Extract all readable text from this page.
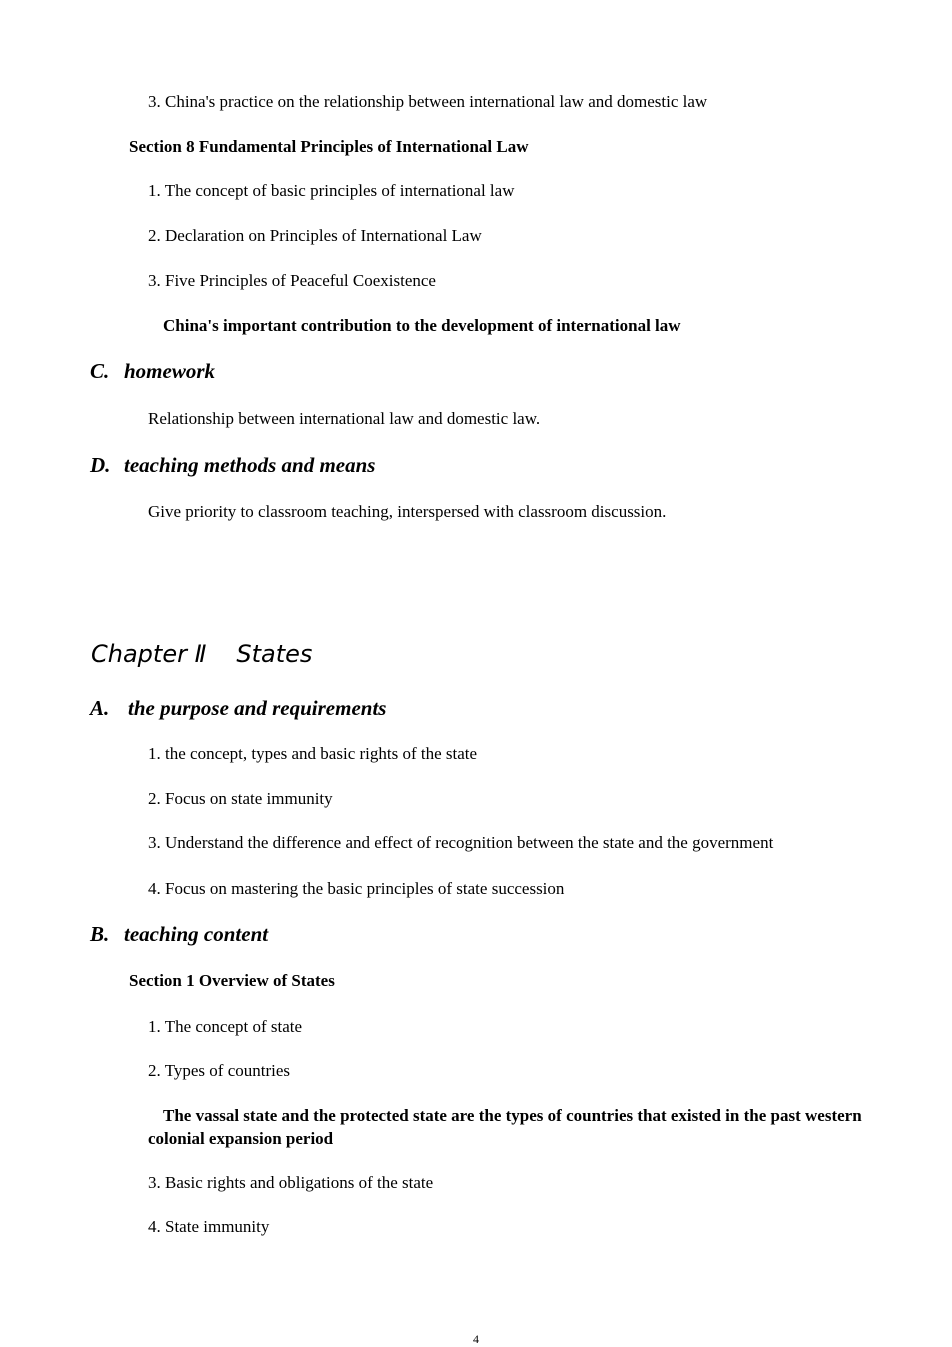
3. China's practice on the relationship between international law and domestic law
Section 8 Fundamental Principles of International Law
1. The concept of basic principles of international law
2. Declaration on Principles of International Law
3. Five Principles of Peaceful Coexistence
China's important contribution to the development of international law
C. homework
Relationship between international law and domestic law.
D. teaching methods and means
Give priority to classroom teaching, interspersed with classroom discussion.
Chapter Ⅱ States
A. the purpose and requirements
1. the concept, types and basic rights of the state
2. Focus on state immunity
3. Understand the difference and effect of recognition between the state and the government
4. Focus on mastering the basic principles of state succession
B. teaching content
Section 1 Overview of States
1. The concept of state
2. Types of countries
The vassal state and the protected state are the types of countries that existed in the past western colonial expansion period
3. Basic rights and obligations of the state
4. State immunity
4
